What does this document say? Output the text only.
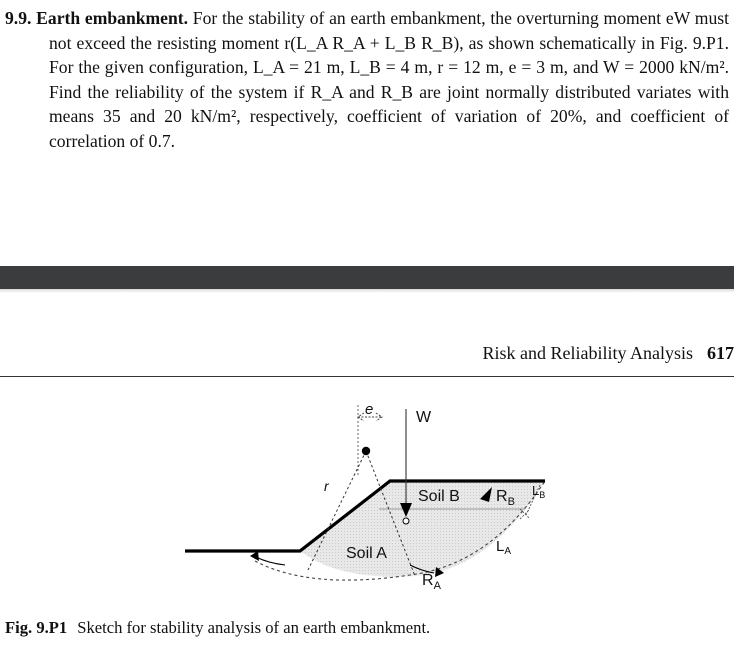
9.9. Earth embankment. For the stability of an earth embankment, the overturning moment eW must not exceed the resisting moment r(L_A R_A + L_B R_B), as shown schematically in Fig. 9.P1. For the given configuration, L_A = 21 m, L_B = 4 m, r = 12 m, e = 3 m, and W = 2000 kN/m². Find the reliability of the system if R_A and R_B are joint normally distributed variates with means 35 and 20 kN/m², respectively, coefficient of variation of 20%, and coefficient of correlation of 0.7.
Risk and Reliability Analysis 617
e	W
r
Soil B
Soil A
$R_B$
$L_B$
$L_A$
$R_A$
Fig. 9.P1 Sketch for stability analysis of an earth embankment.
